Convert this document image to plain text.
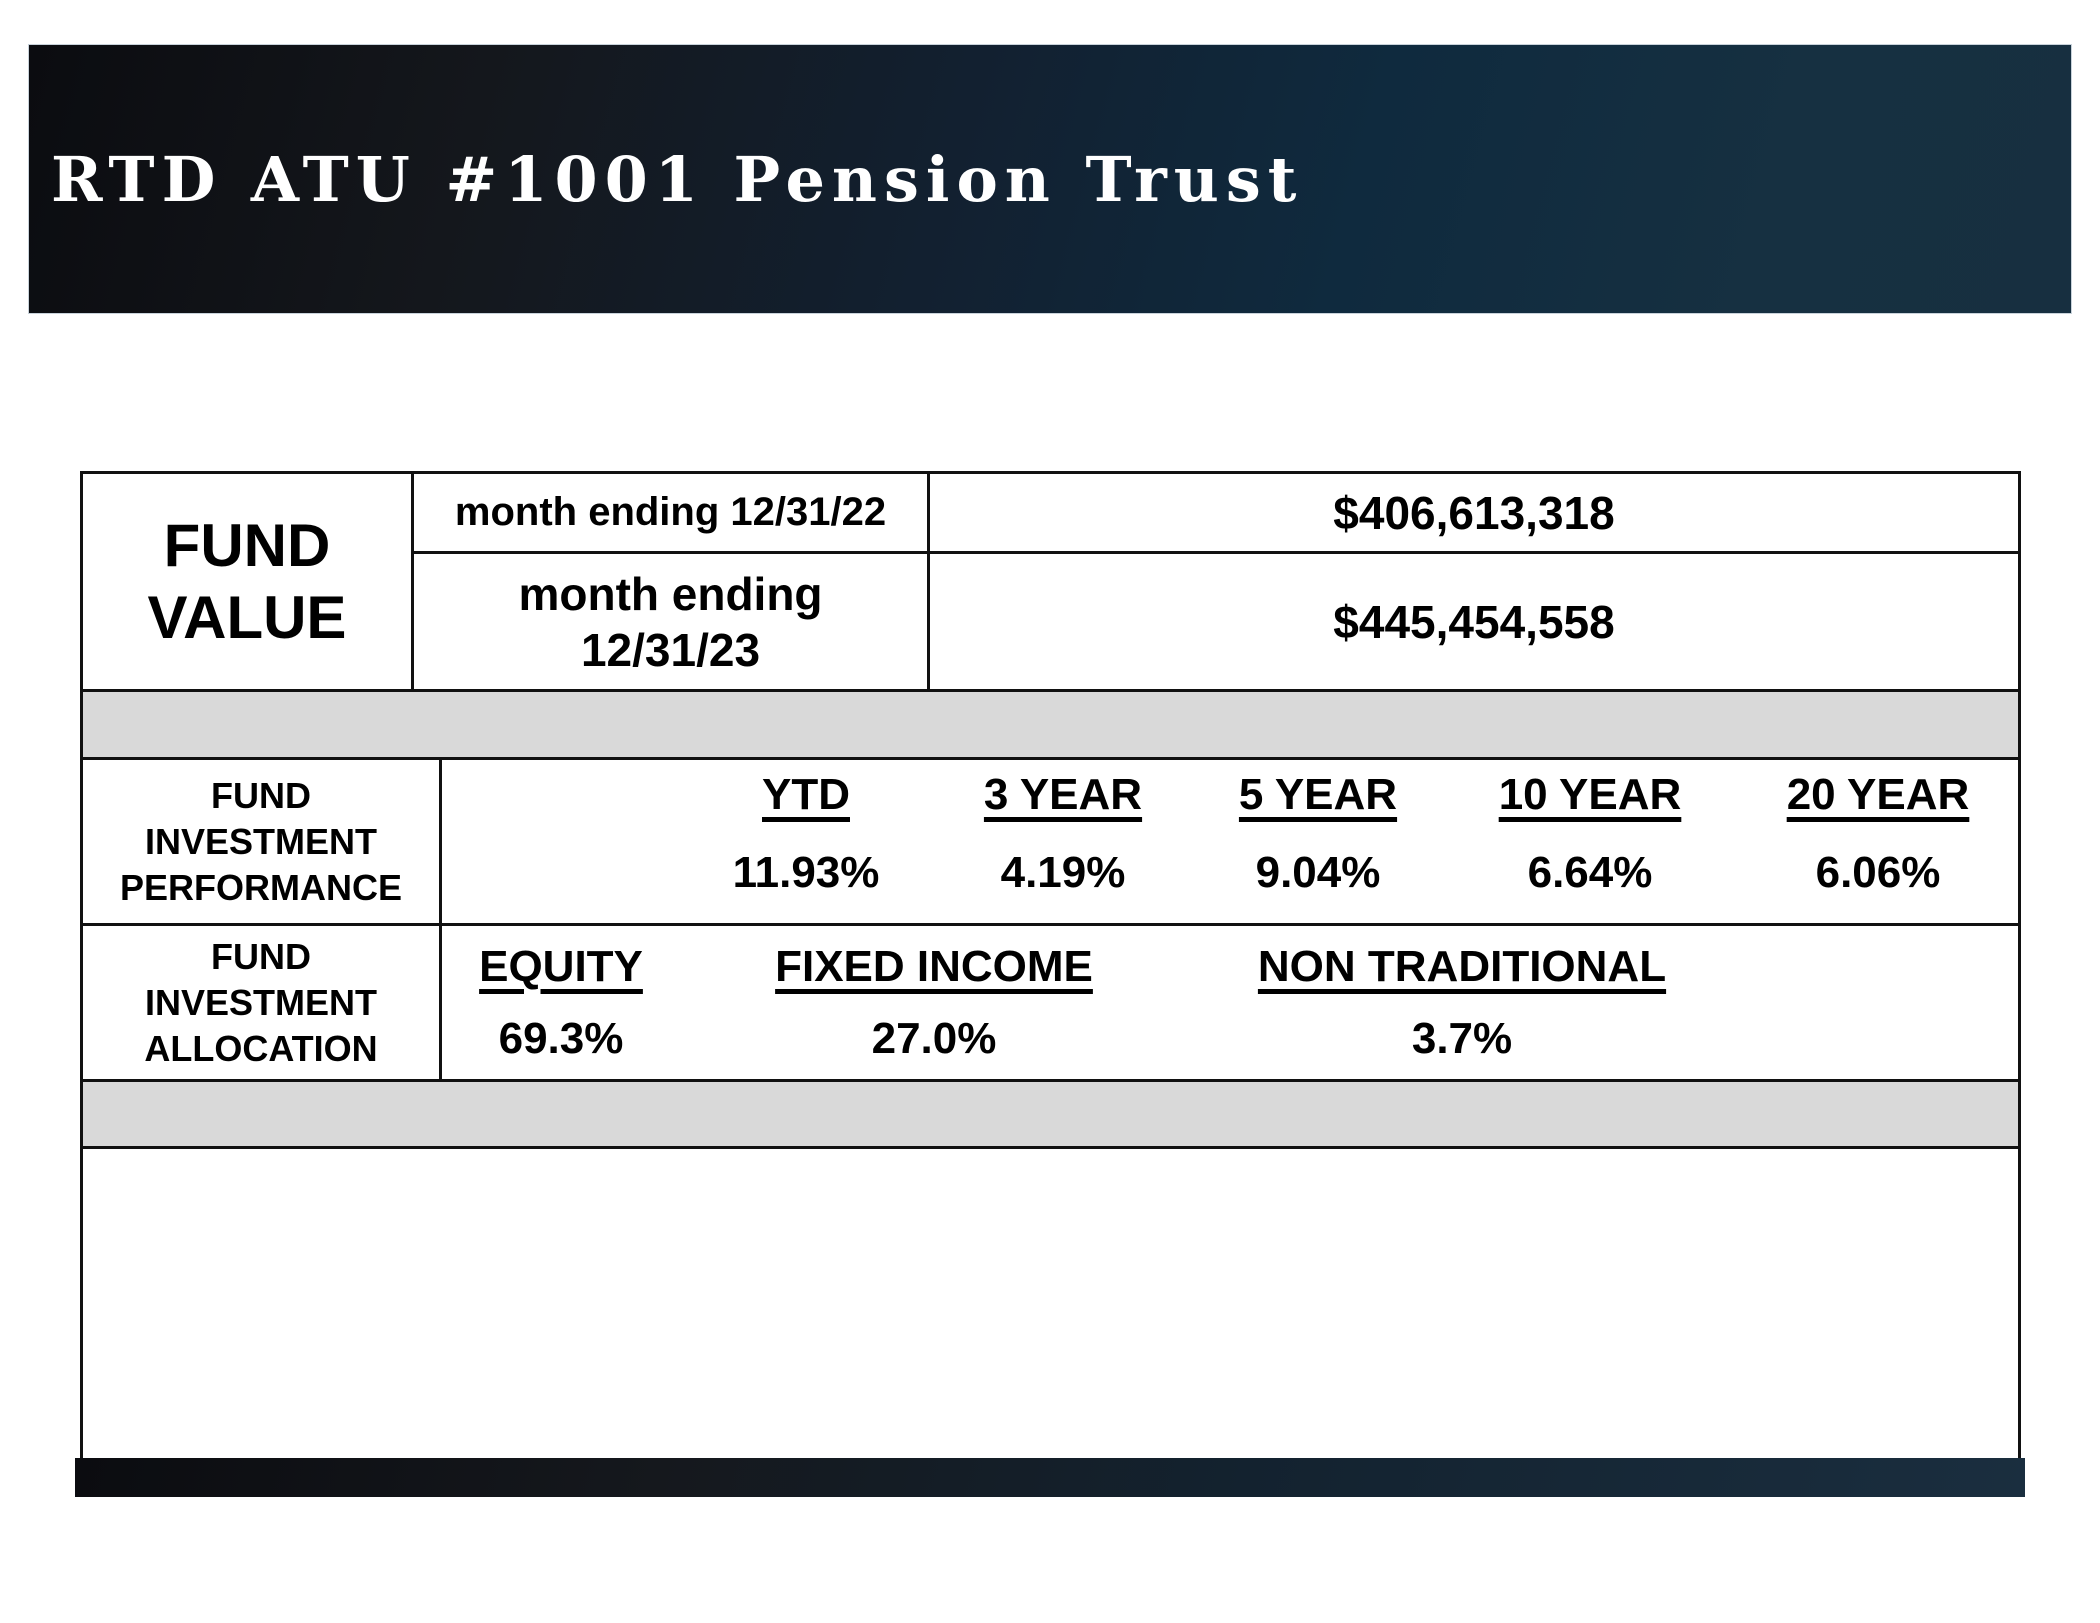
RTD ATU #1001 Pension Trust
FUND
VALUE
month ending 12/31/22
month ending
12/31/23
$406,613,318
$445,454,558
FUND
INVESTMENT
PERFORMANCE
YTD
11.93%
3 YEAR
4.19%
5 YEAR
9.04%
10 YEAR
6.64%
20 YEAR
6.06%
FUND
INVESTMENT
ALLOCATION
EQUITY
69.3%
FIXED INCOME
27.0%
NON TRADITIONAL
3.7%
